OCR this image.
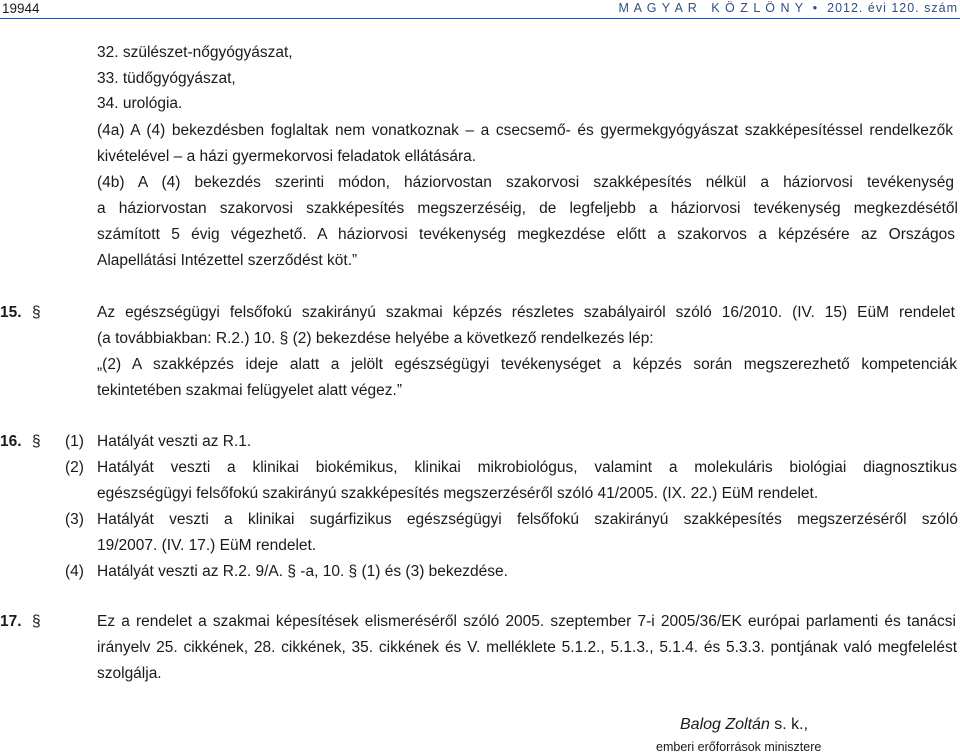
19944	M A G Y A R   K Ö Z L Ö N Y  •  2012. évi 120. szám
32. szülészet-nőgyógyászat,
33. tüdőgyógyászat,
34. urológia.
(4a) A (4) bekezdésben foglaltak nem vonatkoznak – a csecsemő- és gyermekgyógyászat szakképesítéssel rendelkezők
kivételével – a házi gyermekorvosi feladatok ellátására.
(4b) A (4) bekezdés szerinti módon, háziorvostan szakorvosi szakképesítés nélkül a háziorvosi tevékenység
a háziorvostan szakorvosi szakképesítés megszerzéséig, de legfeljebb a háziorvosi tevékenység megkezdésétől
számított 5 évig végezhető. A háziorvosi tevékenység megkezdése előtt a szakorvos a képzésére az Országos
Alapellátási Intézettel szerződést köt.”
15. §	Az egészségügyi felsőfokú szakirányú szakmai képzés részletes szabályairól szóló 16/2010. (IV. 15) EüM rendelet
(a továbbiakban: R.2.) 10. § (2) bekezdése helyébe a következő rendelkezés lép:
„(2) A szakképzés ideje alatt a jelölt egészségügyi tevékenységet a képzés során megszerezhető kompetenciák
tekintetében szakmai felügyelet alatt végez.”
16. § (1) Hatályát veszti az R.1.
(2) Hatályát veszti a klinikai biokémikus, klinikai mikrobiológus, valamint a molekuláris biológiai diagnosztikus
egészségügyi felsőfokú szakirányú szakképesítés megszerzéséről szóló 41/2005. (IX. 22.) EüM rendelet.
(3) Hatályát veszti a klinikai sugárfizikus egészségügyi felsőfokú szakirányú szakképesítés megszerzéséről szóló
19/2007. (IV. 17.) EüM rendelet.
(4) Hatályát veszti az R.2. 9/A. § -a, 10. § (1) és (3) bekezdése.
17. §	Ez a rendelet a szakmai képesítések elismeréséről szóló 2005. szeptember 7-i 2005/36/EK európai parlamenti és tanácsi
irányelv 25. cikkének, 28. cikkének, 35. cikkének és V. melléklete 5.1.2., 5.1.3., 5.1.4. és 5.3.3. pontjának való megfelelést
szolgálja.
Balog Zoltán s. k.,
emberi erőforrások minisztere
